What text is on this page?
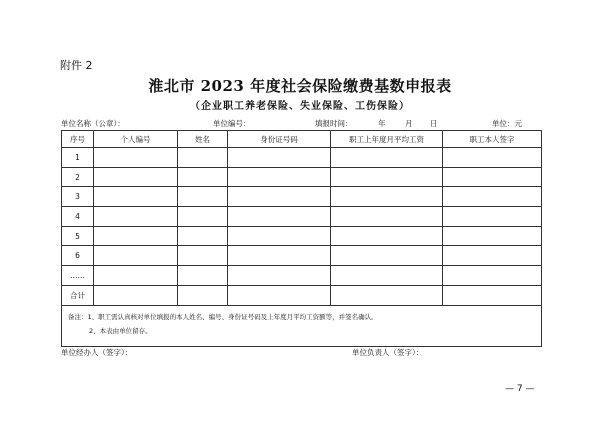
附件 2
淮北市 2023 年度社会保险缴费基数申报表
（企业职工养老保险、失业保险、工伤保险）
单位名称（公章）：	单位编号：	填报时间：	年	月 日	单位：元
序号	个人编号	姓名	身份证号码	职工上年度月平均工资	职工本人签字
1					
2					
3					
4					
5					
6					
……					
合计					

备注：1、职工需认真核对单位填报的本人姓名、编号、身份证号码及上年度月平均工资额等，并签名确认。
2、本表由单位留存。					
单位经办人（签字）：	单位负责人（签字）：
— 7 —
